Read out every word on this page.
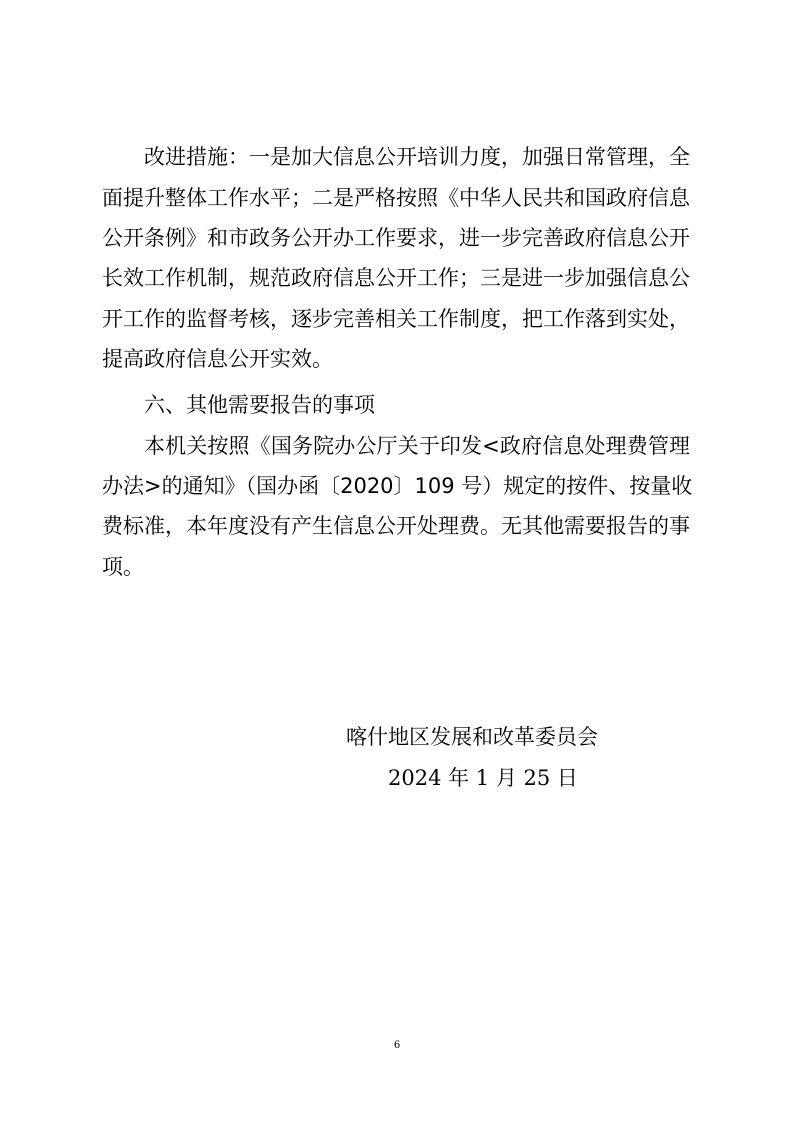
改进措施：一是加大信息公开培训力度，加强日常管理，全
面提升整体工作水平；二是严格按照《中华人民共和国政府信息
公开条例》和市政务公开办工作要求，进一步完善政府信息公开
长效工作机制，规范政府信息公开工作；三是进一步加强信息公
开工作的监督考核，逐步完善相关工作制度，把工作落到实处，
提高政府信息公开实效。
六、其他需要报告的事项
本机关按照《国务院办公厅关于印发<政府信息处理费管理
办法>的通知》（国办函〔2020〕109 号）规定的按件、按量收
费标准，本年度没有产生信息公开处理费。无其他需要报告的事
项。
喀什地区发展和改革委员会
2024 年 1 月 25 日
6
